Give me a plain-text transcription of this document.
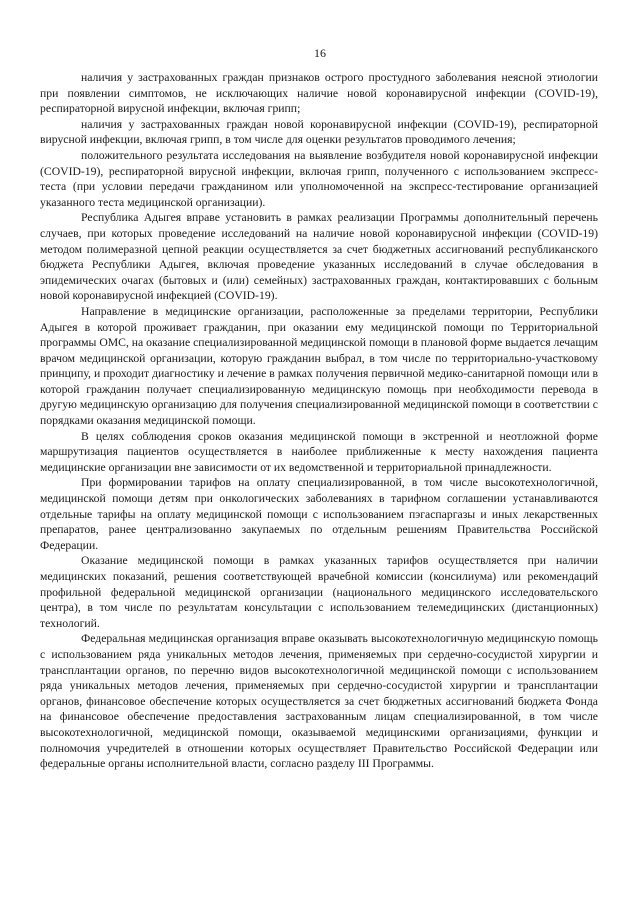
16

наличия у застрахованных граждан признаков острого простудного заболевания неясной этиологии при появлении симптомов, не исключающих наличие новой коронавирусной инфекции (COVID-19), респираторной вирусной инфекции, включая грипп;

наличия у застрахованных граждан новой коронавирусной инфекции (COVID-19), респираторной вирусной инфекции, включая грипп, в том числе для оценки результатов проводимого лечения;

положительного результата исследования на выявление возбудителя новой коронавирусной инфекции (COVID-19), респираторной вирусной инфекции, включая грипп, полученного с использованием экспресс-теста (при условии передачи гражданином или уполномоченной на экспресс-тестирование организацией указанного теста медицинской организации).

Республика Адыгея вправе установить в рамках реализации Программы дополнительный перечень случаев, при которых проведение исследований на наличие новой коронавирусной инфекции (COVID-19) методом полимеразной цепной реакции осуществляется за счет бюджетных ассигнований республиканского бюджета Республики Адыгея, включая проведение указанных исследований в случае обследования в эпидемических очагах (бытовых и (или) семейных) застрахованных граждан, контактировавших с больным новой коронавирусной инфекцией (COVID-19).

Направление в медицинские организации, расположенные за пределами территории, Республики Адыгея в которой проживает гражданин, при оказании ему медицинской помощи по Территориальной программы ОМС, на оказание специализированной медицинской помощи в плановой форме выдается лечащим врачом медицинской организации, которую гражданин выбрал, в том числе по территориально-участковому принципу, и проходит диагностику и лечение в рамках получения первичной медико-санитарной помощи или в которой гражданин получает специализированную медицинскую помощь при необходимости перевода в другую медицинскую организацию для получения специализированной медицинской помощи в соответствии с порядками оказания медицинской помощи.

В целях соблюдения сроков оказания медицинской помощи в экстренной и неотложной форме маршрутизация пациентов осуществляется в наиболее приближенные к месту нахождения пациента медицинские организации вне зависимости от их ведомственной и территориальной принадлежности.

При формировании тарифов на оплату специализированной, в том числе высокотехнологичной, медицинской помощи детям при онкологических заболеваниях в тарифном соглашении устанавливаются отдельные тарифы на оплату медицинской помощи с использованием пэгаспаргазы и иных лекарственных препаратов, ранее централизованно закупаемых по отдельным решениям Правительства Российской Федерации.

Оказание медицинской помощи в рамках указанных тарифов осуществляется при наличии медицинских показаний, решения соответствующей врачебной комиссии (консилиума) или рекомендаций профильной федеральной медицинской организации (национального медицинского исследовательского центра), в том числе по результатам консультации с использованием телемедицинских (дистанционных) технологий.

Федеральная медицинская организация вправе оказывать высокотехнологичную медицинскую помощь с использованием ряда уникальных методов лечения, применяемых при сердечно-сосудистой хирургии и трансплантации органов, по перечню видов высокотехнологичной медицинской помощи с использованием ряда уникальных методов лечения, применяемых при сердечно-сосудистой хирургии и трансплантации органов, финансовое обеспечение которых осуществляется за счет бюджетных ассигнований бюджета Фонда на финансовое обеспечение предоставления застрахованным лицам специализированной, в том числе высокотехнологичной, медицинской помощи, оказываемой медицинскими организациями, функции и полномочия учредителей в отношении которых осуществляет Правительство Российской Федерации или федеральные органы исполнительной власти, согласно разделу III Программы.
